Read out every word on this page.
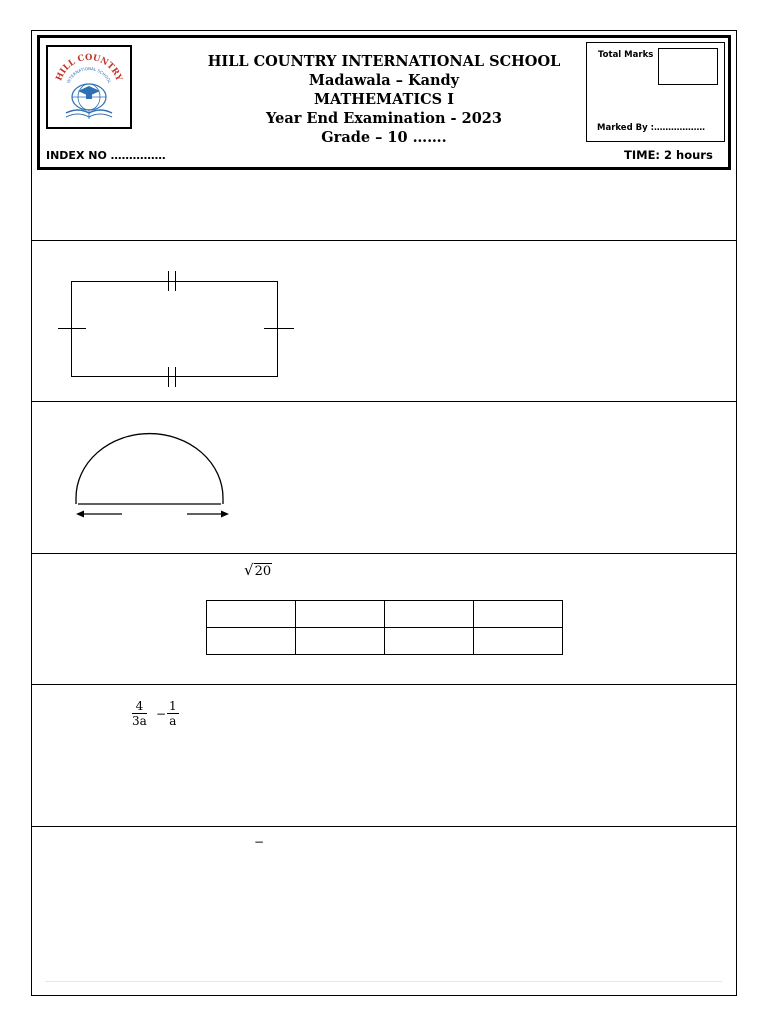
HILL COUNTRY
INTERNATIONAL SCHOOL
HILL COUNTRY INTERNATIONAL SCHOOL
Madawala – Kandy
MATHEMATICS I
Year End Examination - 2023
Grade – 10 …….
Total Marks
Marked By :………………
INDEX NO ……………	TIME: 2 hours
√20

$\frac{4}{3a} - \frac{1}{a}$
−
